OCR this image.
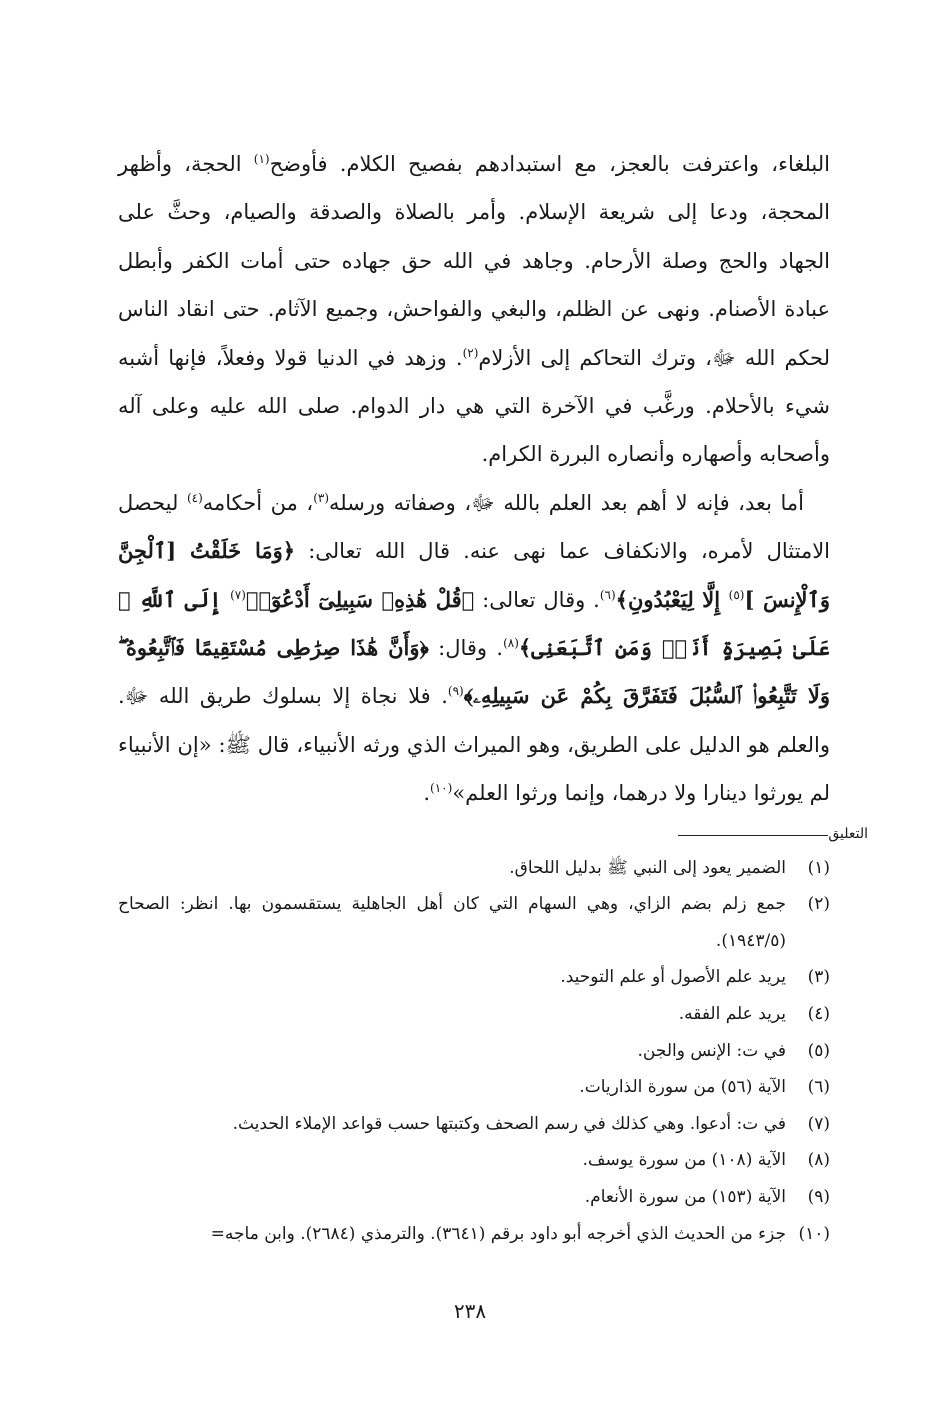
البلغاء، واعترفت بالعجز، مع استبدادهم بفصيح الكلام. فأوضح$^{(١)}$ الحجة، وأظهر المحجة، ودعا إلى شريعة الإسلام. وأمر بالصلاة والصدقة والصيام، وحثَّ على الجهاد والحج وصلة الأرحام. وجاهد في الله حق جهاده حتى أمات الكفر وأبطل عبادة الأصنام. ونهى عن الظلم، والبغي والفواحش، وجميع الآثام. حتى انقاد الناس لحكم الله ﷻ، وترك التحاكم إلى الأزلام$^{(٢)}$. وزهد في الدنيا قولا وفعلاً، فإنها أشبه شيء بالأحلام. ورغَّب في الآخرة التي هي دار الدوام. صلى الله عليه وعلى آله وأصحابه وأصهاره وأنصاره البررة الكرام.

أما بعد، فإنه لا أهم بعد العلم بالله ﷻ، وصفاته ورسله$^{(٣)}$، من أحكامه$^{(٤)}$ ليحصل الامتثال لأمره، والانكفاف عما نهى عنه. قال الله تعالى: ﴿وَمَا خَلَقْتُ [ٱلْجِنَّ وَٱلْإِنسَ ]$^{(٥)}$ إِلَّا لِيَعْبُدُونِ﴾$^{(٦)}$. وقال تعالى: ﴿قُلْ هَٰذِهِۦ سَبِيلِىٓ أَدْعُوٓا۟$^{(٧)}$ إِلَى ٱللَّهِ ۚ عَلَىٰ بَصِيرَةٍ أَنَا۠ وَمَنِ ٱتَّبَعَنِى﴾$^{(٨)}$. وقال: ﴿وَأَنَّ هَٰذَا صِرَٰطِى مُسْتَقِيمًا فَٱتَّبِعُوهُ ۖ وَلَا تَتَّبِعُوا۟ ٱلسُّبُلَ فَتَفَرَّقَ بِكُمْ عَن سَبِيلِهِۦ﴾$^{(٩)}$. فلا نجاة إلا بسلوك طريق الله ﷻ. والعلم هو الدليل على الطريق، وهو الميراث الذي ورثه الأنبياء، قال ﷺ: «إن الأنبياء لم يورثوا دينارا ولا درهما، وإنما ورثوا العلم»$^{(١٠)}$.

التعليق
(١)
الضمير يعود إلى النبي ﷺ بدليل اللحاق.
(٢)
جمع زلم بضم الزاي، وهي السهام التي كان أهل الجاهلية يستقسمون بها. انظر: الصحاح (١٩٤٣/٥).
(٣)
يريد علم الأصول أو علم التوحيد.
(٤)
يريد علم الفقه.
(٥)
في ت: الإنس والجن.
(٦)
الآية (٥٦) من سورة الذاريات.
(٧)
في ت: أدعوا. وهي كذلك في رسم الصحف وكتبتها حسب قواعد الإملاء الحديث.
(٨)
الآية (١٠٨) من سورة يوسف.
(٩)
الآية (١٥٣) من سورة الأنعام.
(١٠)
جزء من الحديث الذي أخرجه أبو داود برقم (٣٦٤١). والترمذي (٢٦٨٤). وابن ماجه=
٢٣٨
